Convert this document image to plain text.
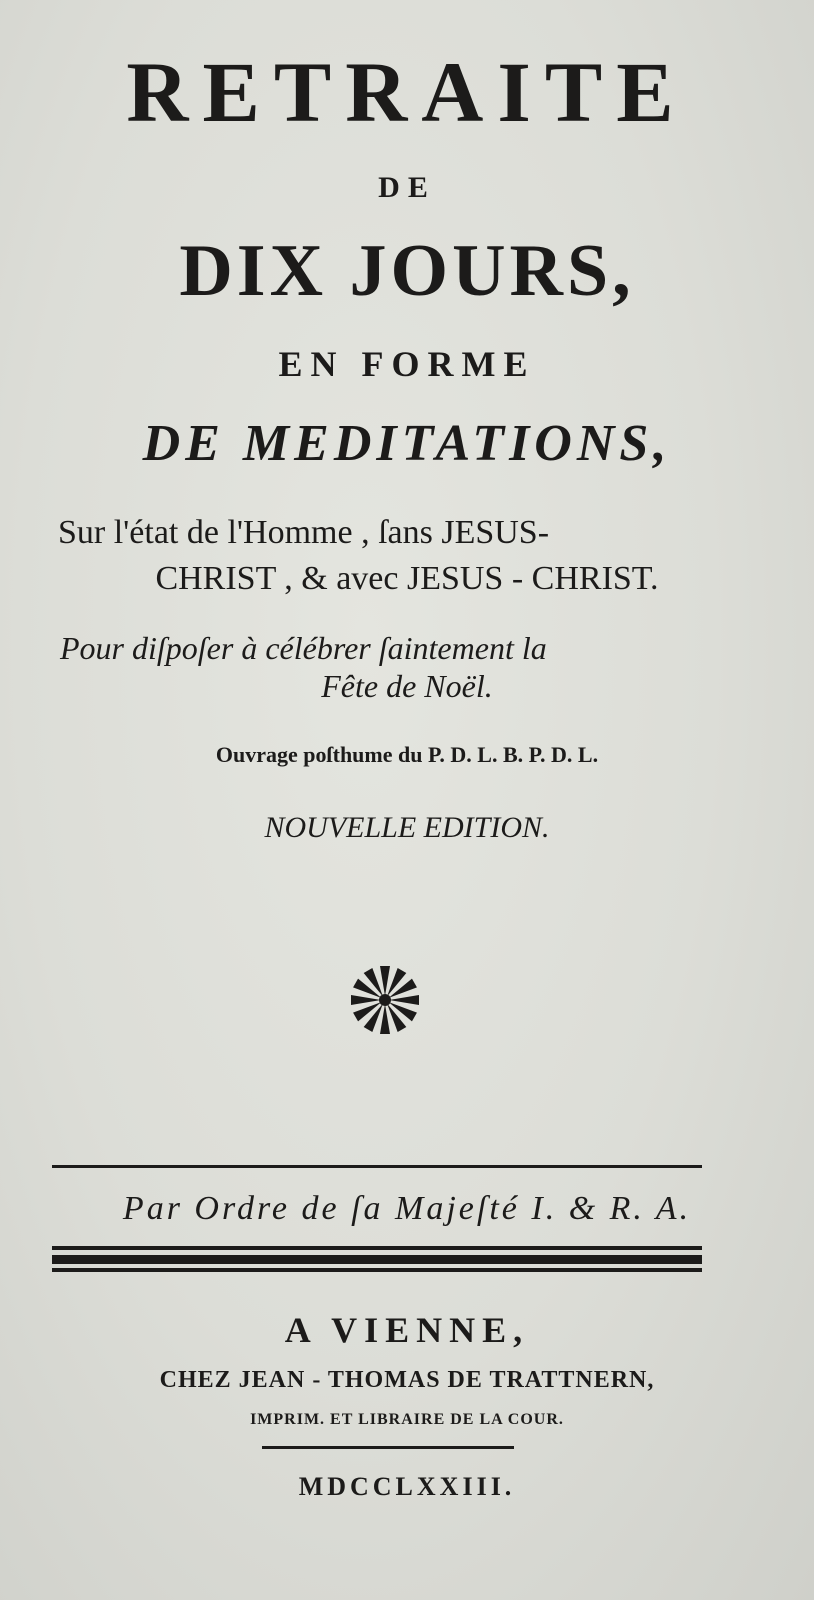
RETRAITE
DE
DIX JOURS,
EN FORME
DE MEDITATIONS,
Sur l'état de l'Homme , ſans JESUS-
CHRIST , & avec JESUS - CHRIST.
Pour diſpoſer à célébrer ſaintement la
Fête de Noël.
Ouvrage poſthume du P. D. L. B. P. D. L.
NOUVELLE EDITION.
Par Ordre de ſa Majeſté I. & R. A.
A VIENNE,
CHEZ JEAN - THOMAS DE TRATTNERN,
IMPRIM. ET LIBRAIRE DE LA COUR.
MDCCLXXIII.
